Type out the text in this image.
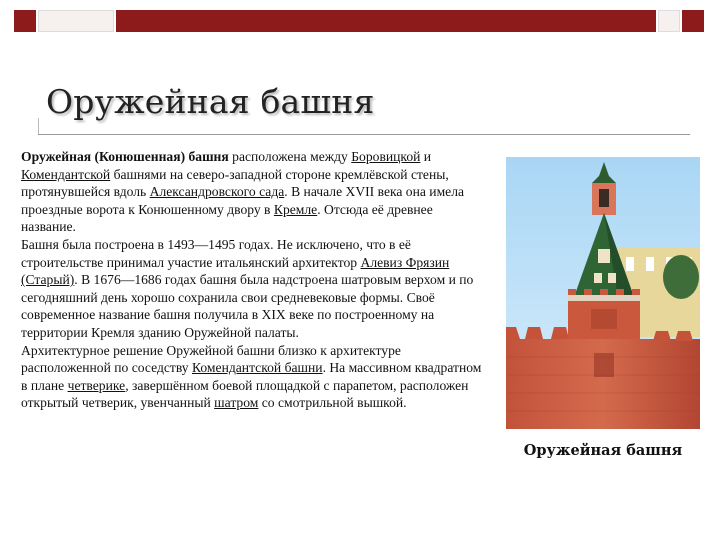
Оружейная башня

Оружейная (Конюшенная) башня расположена между Боровицкой и Комендантской башнями на северо-западной стороне кремлёвской стены, протянувшейся вдоль Александровского сада. В начале XVII века она имела проездные ворота к Конюшенному двору в Кремле. Отсюда её древнее название.

Башня была построена в 1493—1495 годах. Не исключено, что в её строительстве принимал участие итальянский архитектор Алевиз Фрязин (Старый). В 1676—1686 годах башня была надстроена шатровым верхом и по сегодняшний день хорошо сохранила свои средневековые формы. Своё современное название башня получила в XIX веке по построенному на территории Кремля зданию Оружейной палаты.

Архитектурное решение Оружейной башни близко к архитектуре расположенной по соседству Комендантской башни. На массивном квадратном в плане четверике, завершённом боевой площадкой с парапетом, расположен открытый четверик, увенчанный шатром со смотрильной вышкой.

Оружейная башня
